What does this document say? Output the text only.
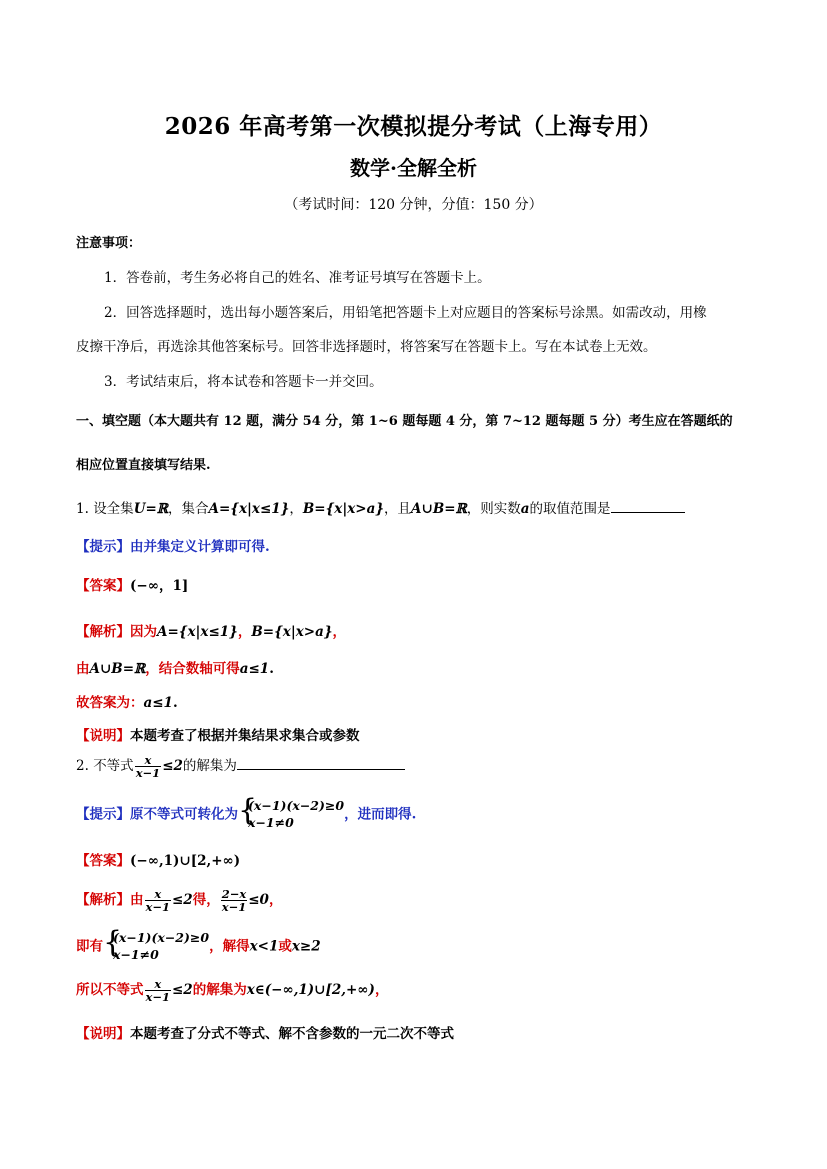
2026 年高考第一次模拟提分考试（上海专用）
数学·全解全析
（考试时间：120 分钟，分值：150 分）
注意事项：
1．答卷前，考生务必将自己的姓名、准考证号填写在答题卡上。
2．回答选择题时，选出每小题答案后，用铅笔把答题卡上对应题目的答案标号涂黑。如需改动，用橡
皮擦干净后，再选涂其他答案标号。回答非选择题时，将答案写在答题卡上。写在本试卷上无效。
3．考试结束后，将本试卷和答题卡一并交回。
一、填空题（本大题共有 12 题，满分 54 分，第 1~6 题每题 4 分，第 7~12 题每题 5 分）考生应在答题纸的
相应位置直接填写结果.
1. 设全集U=ℝ，集合A={x|x≤1}，B={x|x>a}，且A∪B=ℝ，则实数a的取值范围是
【提示】由并集定义计算即可得.
【答案】(−∞，1]
【解析】因为A={x|x≤1}，B={x|x>a}，
由A∪B=ℝ，结合数轴可得a≤1.
故答案为：a≤1.
【说明】本题考查了根据并集结果求集合或参数
2. 不等式 $\frac{x}{x-1} \le 2$的解集为
【提示】原不等式可转化为 {
(x−1)(x−2)≥0
x−1≠0	，进而即得.
【答案】(−∞,1)∪[2,+∞)
【解析】由 $\frac{x}{x-1} \le 2$得， $\frac{2-x}{x-1} \le 0$，
即有 {
(x−1)(x−2)≥0
x−1≠0	，解得x<1或x≥2
所以不等式 $\frac{x}{x-1} \le 2$的解集为x∈(−∞,1)∪[2,+∞)，
【说明】本题考查了分式不等式、解不含参数的一元二次不等式
